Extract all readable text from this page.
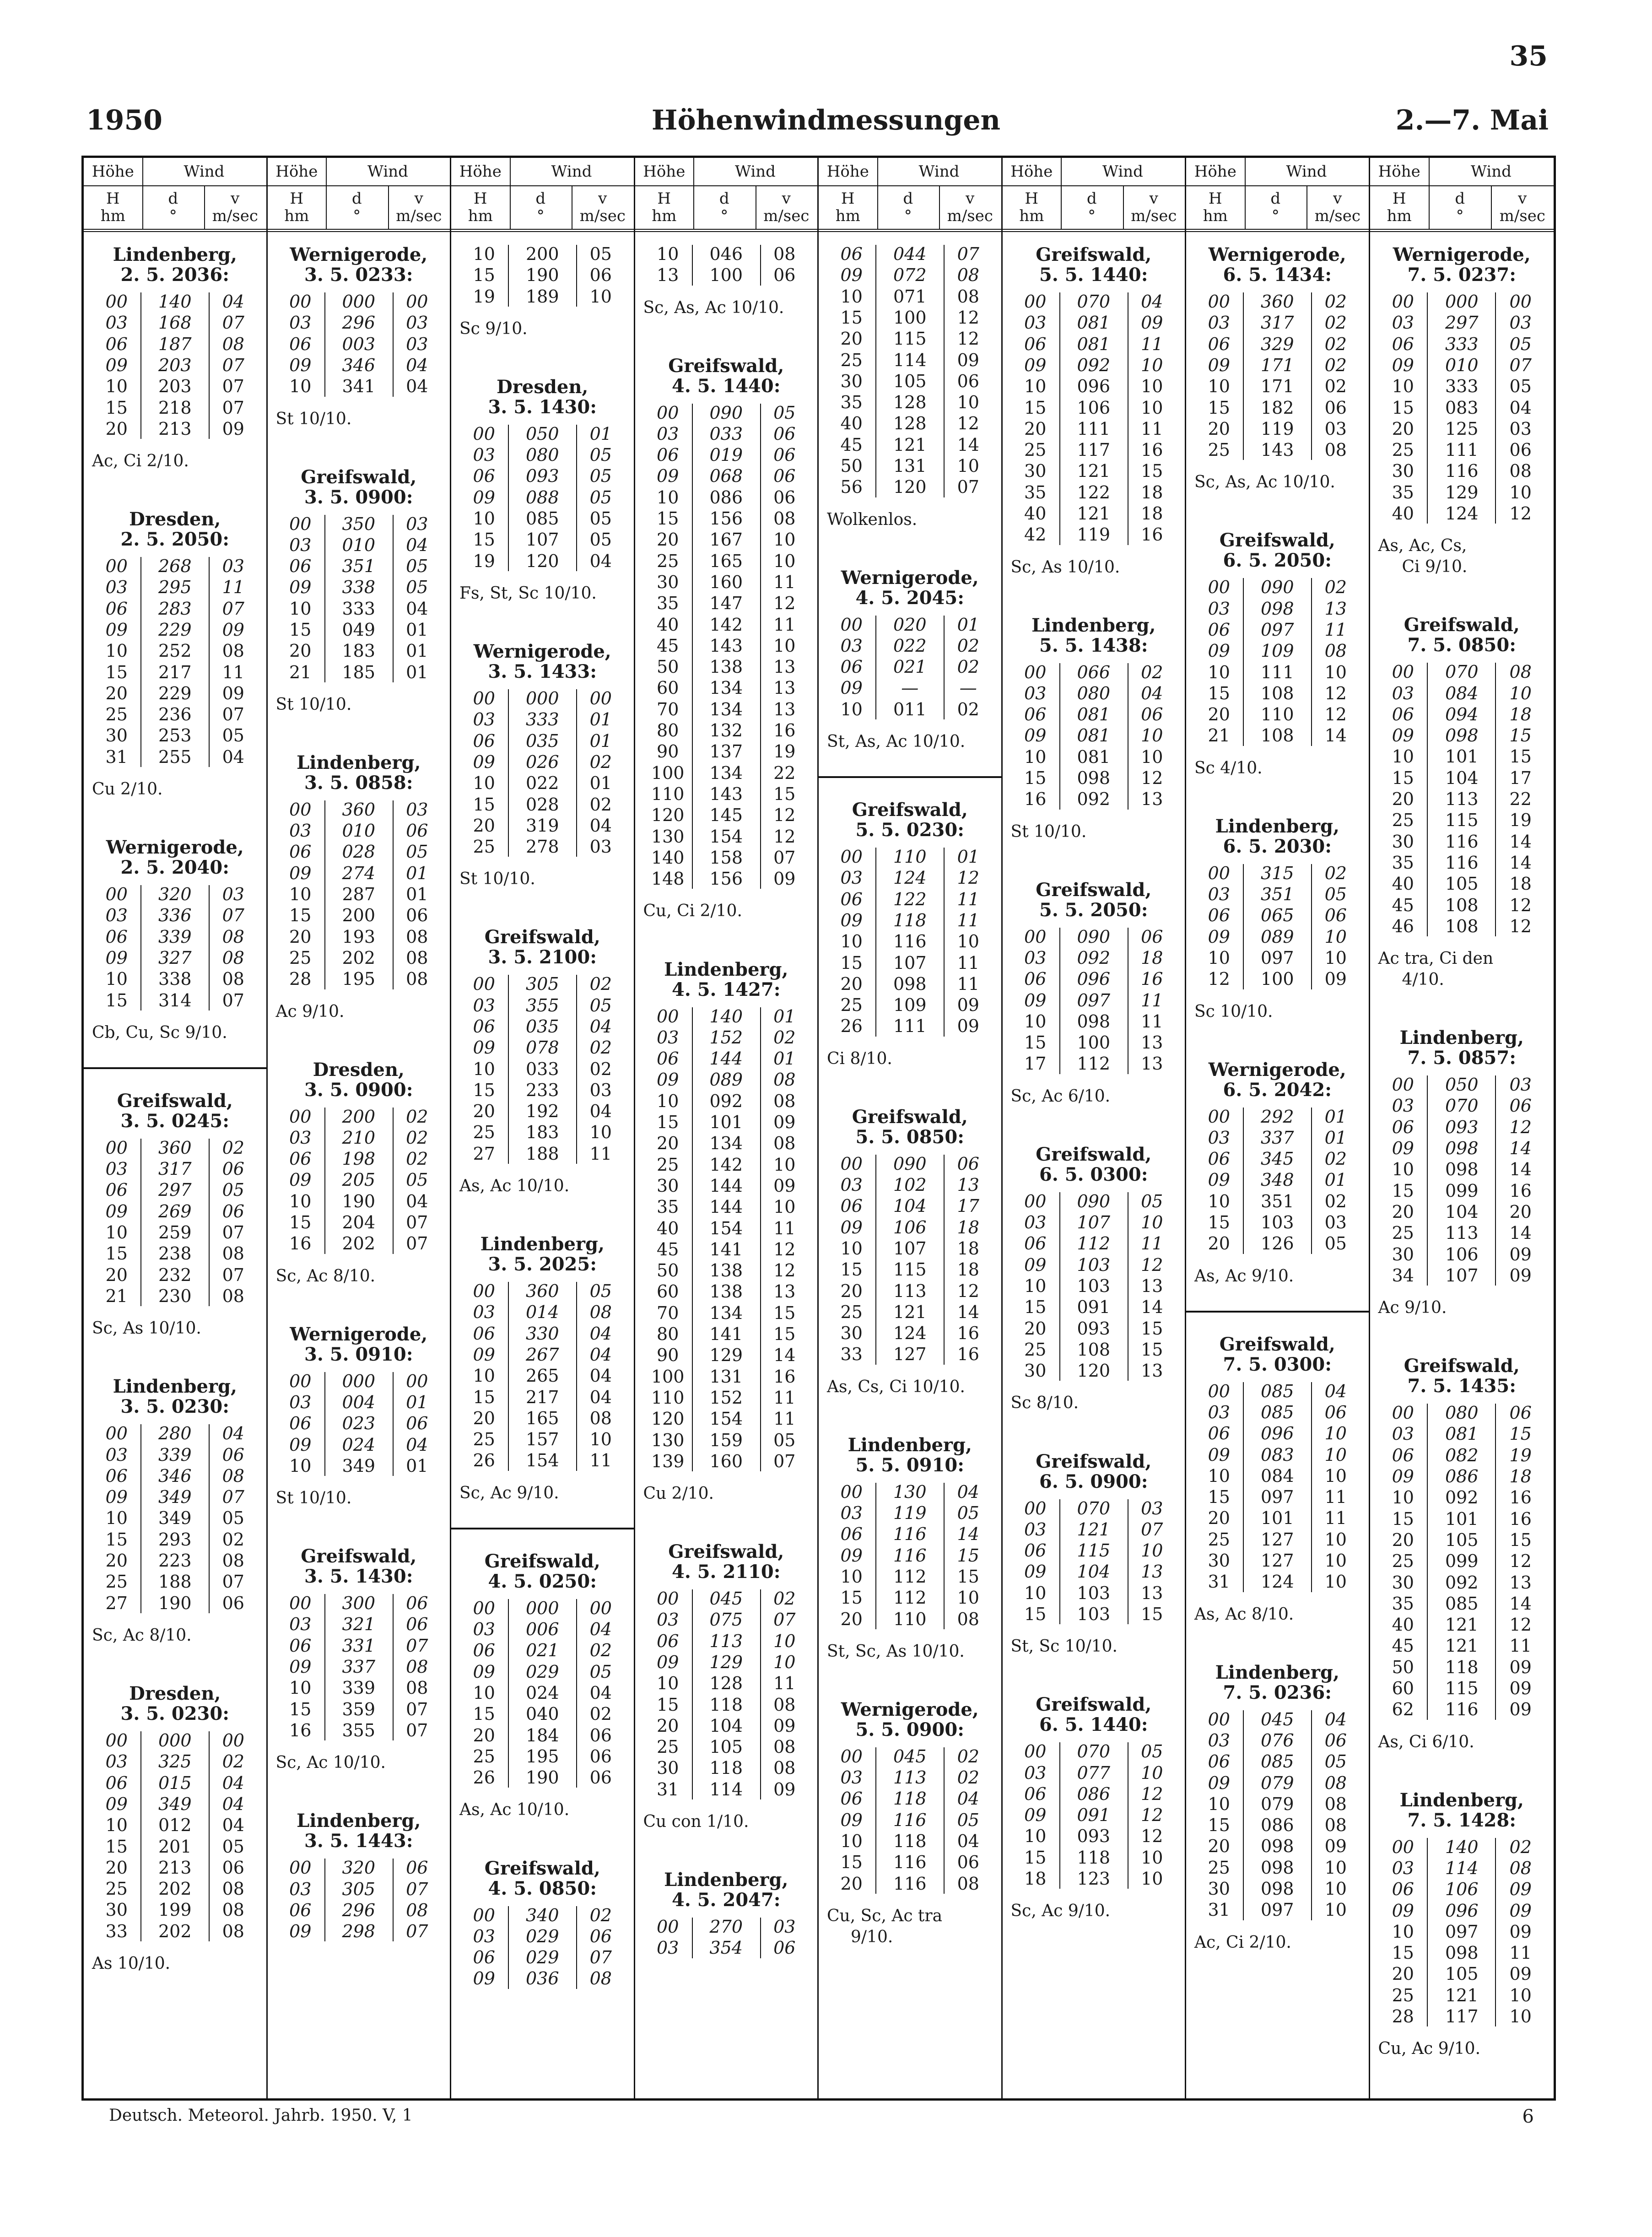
35
1950	Höhenwindmessungen	2.—7. Mai
Höhe	Wind
H
hm
d
°
v
m/sec
Lindenberg,
2. 5. 2036:
00	140	04
03	168	07
06	187	08
09	203	07
10	203	07
15	218	07
20	213	09
Ac, Ci 2/10.
Dresden,
2. 5. 2050:
00	268	03
03	295	11
06	283	07
09	229	09
10	252	08
15	217	11
20	229	09
25	236	07
30	253	05
31	255	04
Cu 2/10.
Wernigerode,
2. 5. 2040:
00	320	03
03	336	07
06	339	08
09	327	08
10	338	08
15	314	07
Cb, Cu, Sc 9/10.
Greifswald,
3. 5. 0245:
00	360	02
03	317	06
06	297	05
09	269	06
10	259	07
15	238	08
20	232	07
21	230	08
Sc, As 10/10.
Lindenberg,
3. 5. 0230:
00	280	04
03	339	06
06	346	08
09	349	07
10	349	05
15	293	02
20	223	08
25	188	07
27	190	06
Sc, Ac 8/10.
Dresden,
3. 5. 0230:
00	000	00
03	325	02
06	015	04
09	349	04
10	012	04
15	201	05
20	213	06
25	202	08
30	199	08
33	202	08
As 10/10.
Höhe	Wind
H
hm
d
°
v
m/sec
Wernigerode,
3. 5. 0233:
00	000	00
03	296	03
06	003	03
09	346	04
10	341	04
St 10/10.
Greifswald,
3. 5. 0900:
00	350	03
03	010	04
06	351	05
09	338	05
10	333	04
15	049	01
20	183	01
21	185	01
St 10/10.
Lindenberg,
3. 5. 0858:
00	360	03
03	010	06
06	028	05
09	274	01
10	287	01
15	200	06
20	193	08
25	202	08
28	195	08
Ac 9/10.
Dresden,
3. 5. 0900:
00	200	02
03	210	02
06	198	02
09	205	05
10	190	04
15	204	07
16	202	07
Sc, Ac 8/10.
Wernigerode,
3. 5. 0910:
00	000	00
03	004	01
06	023	06
09	024	04
10	349	01
St 10/10.
Greifswald,
3. 5. 1430:
00	300	06
03	321	06
06	331	07
09	337	08
10	339	08
15	359	07
16	355	07
Sc, Ac 10/10.
Lindenberg,
3. 5. 1443:
00	320	06
03	305	07
06	296	08
09	298	07
Höhe	Wind
H
hm
d
°
v
m/sec
10	200	05
15	190	06
19	189	10
Sc 9/10.
Dresden,
3. 5. 1430:
00	050	01
03	080	05
06	093	05
09	088	05
10	085	05
15	107	05
19	120	04
Fs, St, Sc 10/10.
Wernigerode,
3. 5. 1433:
00	000	00
03	333	01
06	035	01
09	026	02
10	022	01
15	028	02
20	319	04
25	278	03
St 10/10.
Greifswald,
3. 5. 2100:
00	305	02
03	355	05
06	035	04
09	078	02
10	033	02
15	233	03
20	192	04
25	183	10
27	188	11
As, Ac 10/10.
Lindenberg,
3. 5. 2025:
00	360	05
03	014	08
06	330	04
09	267	04
10	265	04
15	217	04
20	165	08
25	157	10
26	154	11
Sc, Ac 9/10.
Greifswald,
4. 5. 0250:
00	000	00
03	006	04
06	021	02
09	029	05
10	024	04
15	040	02
20	184	06
25	195	06
26	190	06
As, Ac 10/10.
Greifswald,
4. 5. 0850:
00	340	02
03	029	06
06	029	07
09	036	08
Höhe	Wind
H
hm
d
°
v
m/sec
10	046	08
13	100	06
Sc, As, Ac 10/10.
Greifswald,
4. 5. 1440:
00	090	05
03	033	06
06	019	06
09	068	06
10	086	06
15	156	08
20	167	10
25	165	10
30	160	11
35	147	12
40	142	11
45	143	10
50	138	13
60	134	13
70	134	13
80	132	16
90	137	19
100	134	22
110	143	15
120	145	12
130	154	12
140	158	07
148	156	09
Cu, Ci 2/10.
Lindenberg,
4. 5. 1427:
00	140	01
03	152	02
06	144	01
09	089	08
10	092	08
15	101	09
20	134	08
25	142	10
30	144	09
35	144	10
40	154	11
45	141	12
50	138	12
60	138	13
70	134	15
80	141	15
90	129	14
100	131	16
110	152	11
120	154	11
130	159	05
139	160	07
Cu 2/10.
Greifswald,
4. 5. 2110:
00	045	02
03	075	07
06	113	10
09	129	10
10	128	11
15	118	08
20	104	09
25	105	08
30	118	08
31	114	09
Cu con 1/10.
Lindenberg,
4. 5. 2047:
00	270	03
03	354	06
Höhe	Wind
H
hm
d
°
v
m/sec
06	044	07
09	072	08
10	071	08
15	100	12
20	115	12
25	114	09
30	105	06
35	128	10
40	128	12
45	121	14
50	131	10
56	120	07
Wolkenlos.
Wernigerode,
4. 5. 2045:
00	020	01
03	022	02
06	021	02
09	—	—
10	011	02
St, As, Ac 10/10.
Greifswald,
5. 5. 0230:
00	110	01
03	124	12
06	122	11
09	118	11
10	116	10
15	107	11
20	098	11
25	109	09
26	111	09
Ci 8/10.
Greifswald,
5. 5. 0850:
00	090	06
03	102	13
06	104	17
09	106	18
10	107	18
15	115	18
20	113	12
25	121	14
30	124	16
33	127	16
As, Cs, Ci 10/10.
Lindenberg,
5. 5. 0910:
00	130	04
03	119	05
06	116	14
09	116	15
10	112	15
15	112	10
20	110	08
St, Sc, As 10/10.
Wernigerode,
5. 5. 0900:
00	045	02
03	113	02
06	118	04
09	116	05
10	118	04
15	116	06
20	116	08
Cu, Sc, Ac tra
9/10.
Höhe	Wind
H
hm
d
°
v
m/sec
Greifswald,
5. 5. 1440:
00	070	04
03	081	09
06	081	11
09	092	10
10	096	10
15	106	10
20	111	11
25	117	16
30	121	15
35	122	18
40	121	18
42	119	16
Sc, As 10/10.
Lindenberg,
5. 5. 1438:
00	066	02
03	080	04
06	081	06
09	081	10
10	081	10
15	098	12
16	092	13
St 10/10.
Greifswald,
5. 5. 2050:
00	090	06
03	092	18
06	096	16
09	097	11
10	098	11
15	100	13
17	112	13
Sc, Ac 6/10.
Greifswald,
6. 5. 0300:
00	090	05
03	107	10
06	112	11
09	103	12
10	103	13
15	091	14
20	093	15
25	108	15
30	120	13
Sc 8/10.
Greifswald,
6. 5. 0900:
00	070	03
03	121	07
06	115	10
09	104	13
10	103	13
15	103	15
St, Sc 10/10.
Greifswald,
6. 5. 1440:
00	070	05
03	077	10
06	086	12
09	091	12
10	093	12
15	118	10
18	123	10
Sc, Ac 9/10.
Höhe	Wind
H
hm
d
°
v
m/sec
Wernigerode,
6. 5. 1434:
00	360	02
03	317	02
06	329	02
09	171	02
10	171	02
15	182	06
20	119	03
25	143	08
Sc, As, Ac 10/10.
Greifswald,
6. 5. 2050:
00	090	02
03	098	13
06	097	11
09	109	08
10	111	10
15	108	12
20	110	12
21	108	14
Sc 4/10.
Lindenberg,
6. 5. 2030:
00	315	02
03	351	05
06	065	06
09	089	10
10	097	10
12	100	09
Sc 10/10.
Wernigerode,
6. 5. 2042:
00	292	01
03	337	01
06	345	02
09	348	01
10	351	02
15	103	03
20	126	05
As, Ac 9/10.
Greifswald,
7. 5. 0300:
00	085	04
03	085	06
06	096	10
09	083	10
10	084	10
15	097	11
20	101	11
25	127	10
30	127	10
31	124	10
As, Ac 8/10.
Lindenberg,
7. 5. 0236:
00	045	04
03	076	06
06	085	05
09	079	08
10	079	08
15	086	08
20	098	09
25	098	10
30	098	10
31	097	10
Ac, Ci 2/10.
Höhe	Wind
H
hm
d
°
v
m/sec
Wernigerode,
7. 5. 0237:
00	000	00
03	297	03
06	333	05
09	010	07
10	333	05
15	083	04
20	125	03
25	111	06
30	116	08
35	129	10
40	124	12
As, Ac, Cs,
Ci 9/10.
Greifswald,
7. 5. 0850:
00	070	08
03	084	10
06	094	18
09	098	15
10	101	15
15	104	17
20	113	22
25	115	19
30	116	14
35	116	14
40	105	18
45	108	12
46	108	12
Ac tra, Ci den
4/10.
Lindenberg,
7. 5. 0857:
00	050	03
03	070	06
06	093	12
09	098	14
10	098	14
15	099	16
20	104	20
25	113	14
30	106	09
34	107	09
Ac 9/10.
Greifswald,
7. 5. 1435:
00	080	06
03	081	15
06	082	19
09	086	18
10	092	16
15	101	16
20	105	15
25	099	12
30	092	13
35	085	14
40	121	12
45	121	11
50	118	09
60	115	09
62	116	09
As, Ci 6/10.
Lindenberg,
7. 5. 1428:
00	140	02
03	114	08
06	106	09
09	096	09
10	097	09
15	098	11
20	105	09
25	121	10
28	117	10
Cu, Ac 9/10.
Deutsch. Meteorol. Jahrb. 1950. V, 1	6
